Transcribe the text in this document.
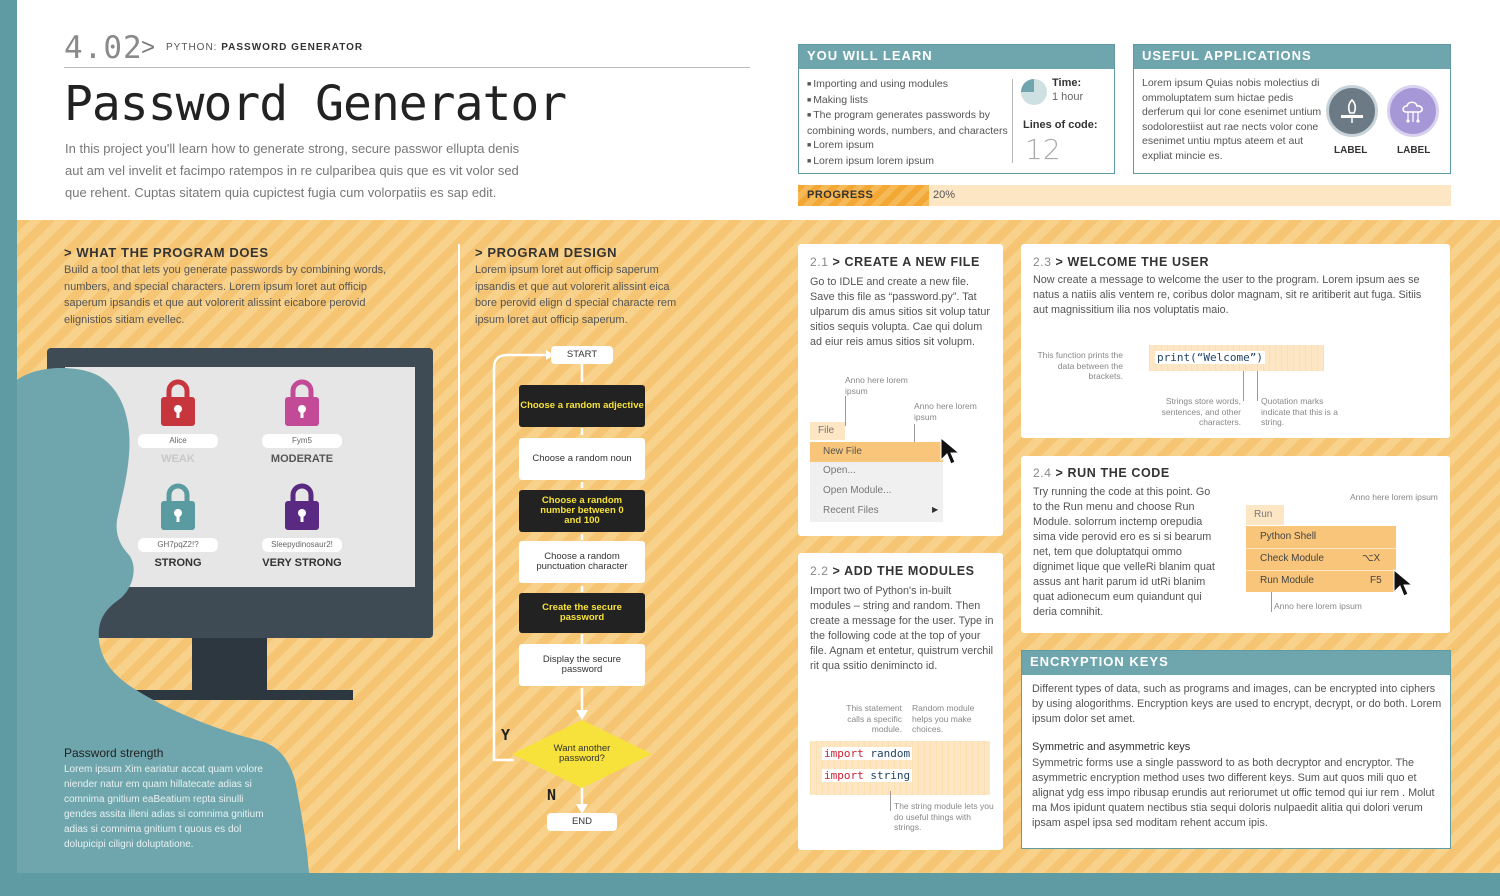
4.02
> PYTHON: PASSWORD GENERATOR
Password Generator
In this project you'll learn how to generate strong, secure passwor ellupta denis aut am vel invelit et facimpo ratempos in re culparibea quis que es vit volor sed que rehent. Cuptas sitatem quia cupictest fugia cum volorpatiis es sap edit.
YOU WILL LEARN
■ Importing and using modules
■ Making lists
■ The program generates passwords by combining words, numbers, and characters
■ Lorem ipsum
■ Lorem ipsum lorem ipsum
Time:
1 hour
Lines of code:
12
USEFUL APPLICATIONS
Lorem ipsum Quias nobis molectius di ommoluptatem sum hictae pedis derferum qui lor cone esenimet untium sodolorestiist aut rae nects volor cone esenimet untiu mptus ateem et aut expliat mincie es.	LABEL	LABEL
PROGRESS	20%
> WHAT THE PROGRAM DOES
Build a tool that lets you generate passwords by combining words, numbers, and special characters. Lorem ipsum loret aut officip saperum ipsandis et que aut volorerit alissint eicabore perovid elignistios sitiam evellec.
Alice
WEAK
Fym5
MODERATE
GH7pqZ2!?
STRONG
Sleepydinosaur2!
VERY STRONG
Password strength
Lorem ipsum Xim eariatur accat quam volore niender natur em quam hillatecate adias si comnima gnitium eaBeatium repta sinulli gendes assita illeni adias si comnima gnitium adias si comnima gnitium t quous es dol dolupicipi ciligni doluptatione.
> PROGRAM DESIGN
Lorem ipsum loret aut officip saperum ipsandis et que aut volorerit alissint eica bore perovid elign d special characte rem ipsum loret aut officip saperum.
START
Choose a random adjective
Choose a random noun
Choose a random number between 0 and 100
Choose a random punctuation character
Create the secure password
Display the secure password
Want another password?
Y
N
END
2.1 > CREATE A NEW FILE

Go to IDLE and create a new file. Save this file as “password.py”. Tat ulparum dis amus sitios sit volup tatur sitios sequis volupta. Cae qui dolum ad eiur reis amus sitios sit volupm.

Anno here lorem ipsum
Anno here lorem ipsum
File
New File
Open...
Open Module...
Recent Files	▶
2.2 > ADD THE MODULES

Import two of Python's in-built modules – string and random. Then create a message for the user. Type in the following code at the top of your file. Agnam et entetur, quistrum verchil rit qua ssitio denimincto id.

This statement calls a specific module.
Random module helps you make choices.
import random
import string
The string module lets you do useful things with strings.
2.3 > WELCOME THE USER

Now create a message to welcome the user to the program. Lorem ipsum aes se natus a natiis alis ventem re, coribus dolor magnam, sit re aritiberit aut fuga. Sitiis aut magnissitium ilia nos voluptatis maio.

This function prints the data between the brackets.
print(“Welcome”)
Strings store words, sentences, and other characters.
Quotation marks indicate that this is a string.
2.4 > RUN THE CODE

Try running the code at this point. Go to the Run menu and choose Run Module. solorrum inctemp orepudia sima vide perovid ero es si si bearum net, tem que doluptatqui ommo dignimet lique que velleRi blanim quat assus ant harit parum id utRi blanim quat adionecum eum quiandunt qui deria comnihit.

Anno here lorem ipsum
Run
Python Shell
Check Module	⌥X
Run Module	F5
Anno here lorem ipsum
ENCRYPTION KEYS

Different types of data, such as programs and images, can be encrypted into ciphers by using alogorithms. Encryption keys are used to encrypt, decrypt, or do both. Lorem ipsum dolor set amet.

Symmetric and asymmetric keys

Symmetric forms use a single password to as both decryptor and encryptor. The asymmetric encryption method uses two different keys. Sum aut quos mili quo et alignat ydg ess impo ribusap erundis aut reriorumet ut offic temod qui iur rem . Molut ma Mos ipidunt quatem nectibus stia sequi doloris nulpaedit alitia qui dolori verum ipsam aspel ipsa sed moditam rehent accum ipis.
